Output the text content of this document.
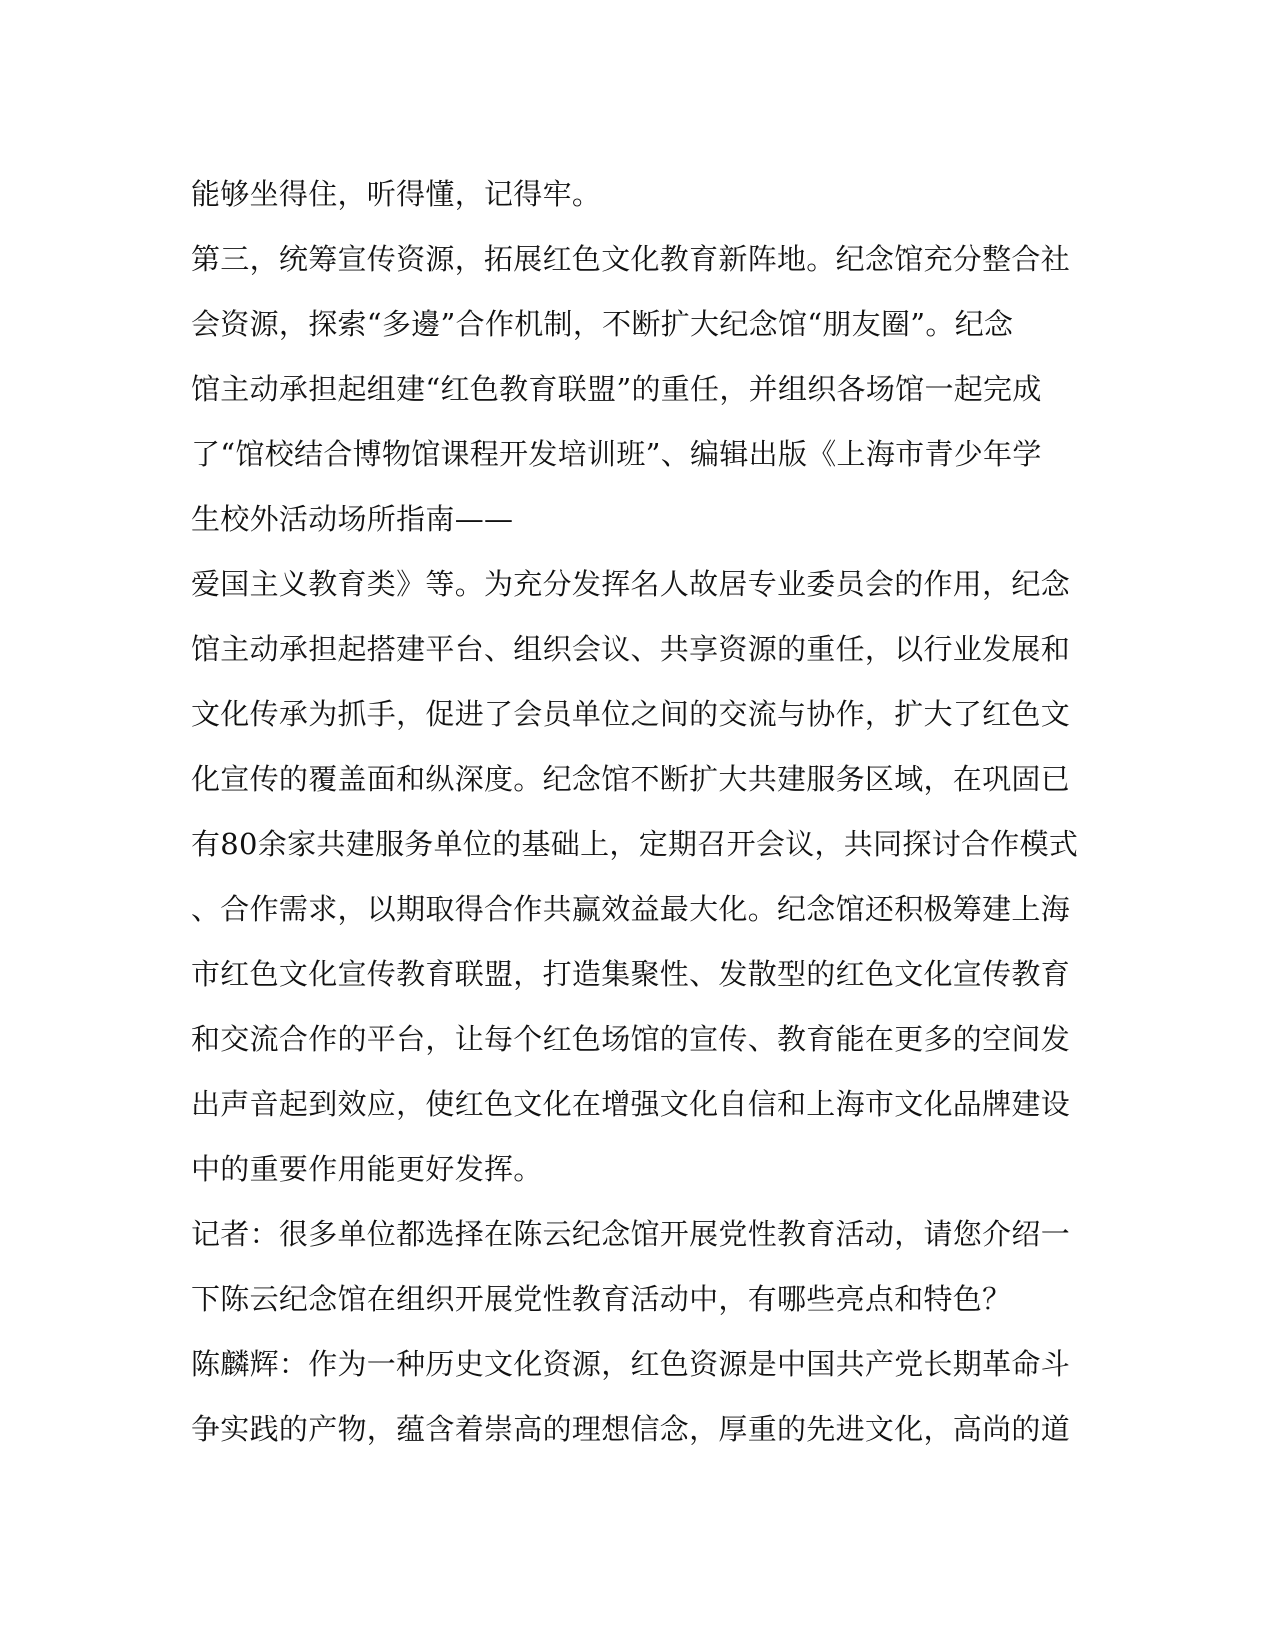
能够坐得住，听得懂，记得牢。
第三，统筹宣传资源，拓展红色文化教育新阵地。纪念馆充分整合社
会资源，探索“多邊”合作机制，不断扩大纪念馆“朋友圈”。纪念
馆主动承担起组建“红色教育联盟”的重任，并组织各场馆一起完成
了“馆校结合博物馆课程开发培训班”、编辑出版《上海市青少年学
生校外活动场所指南——
爱国主义教育类》等。为充分发挥名人故居专业委员会的作用，纪念
馆主动承担起搭建平台、组织会议、共享资源的重任，以行业发展和
文化传承为抓手，促进了会员单位之间的交流与协作，扩大了红色文
化宣传的覆盖面和纵深度。纪念馆不断扩大共建服务区域，在巩固已
有80余家共建服务单位的基础上，定期召开会议，共同探讨合作模式
、合作需求，以期取得合作共赢效益最大化。纪念馆还积极筹建上海
市红色文化宣传教育联盟，打造集聚性、发散型的红色文化宣传教育
和交流合作的平台，让每个红色场馆的宣传、教育能在更多的空间发
出声音起到效应，使红色文化在增强文化自信和上海市文化品牌建设
中的重要作用能更好发挥。
记者：很多单位都选择在陈云纪念馆开展党性教育活动，请您介绍一
下陈云纪念馆在组织开展党性教育活动中，有哪些亮点和特色？
陈麟辉：作为一种历史文化资源，红色资源是中国共产党长期革命斗
争实践的产物，蕴含着崇高的理想信念，厚重的先进文化，高尚的道
